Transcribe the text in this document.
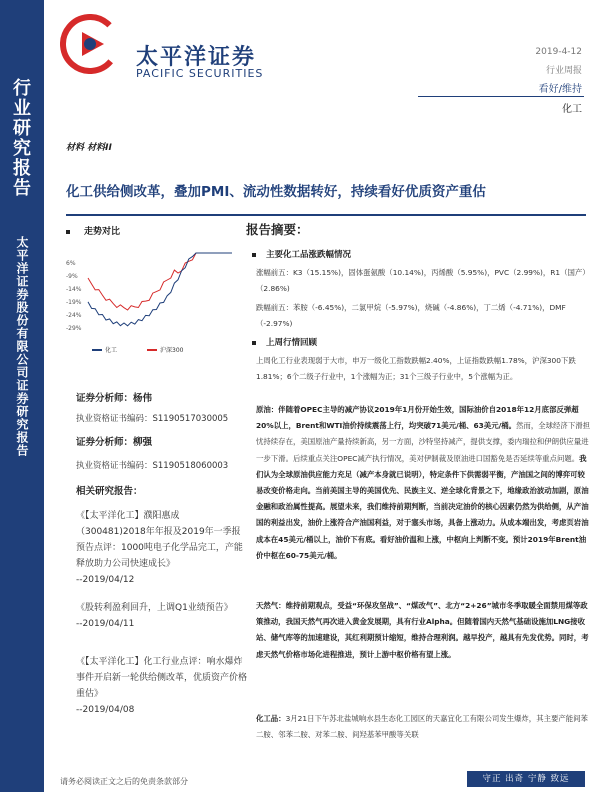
行业研究报告
太平洋证券股份有限公司证券研究报告
太平洋证券
PACIFIC SECURITIES
2019-4-12
行业周报
看好/维持
化工
材料 材料II
化工供给侧改革，叠加PMI、流动性数据转好，持续看好优质资产重估
走势对比
6%
-9%
-14%
-19%
-24%
-29%
化工	沪深300
证券分析师：杨伟
执业资格证书编码：S1190517030005
证券分析师：柳强
执业资格证书编码：S1190518060003
相关研究报告：
《【太平洋化工】濮阳惠成（300481)2018年年报及2019年一季报预告点评：1000吨电子化学品完工，产能释放助力公司快速成长》
--2019/04/12
《股转利盈利回升，上调Q1业绩预告》
--2019/04/11
《【太平洋化工】化工行业点评：响水爆炸事件开启新一轮供给侧改革，优质资产价格重估》
--2019/04/08
报告摘要：
主要化工品涨跌幅情况
涨幅前五：K3（15.15%)，固体蛋氨酸（10.14%)，丙烯酸（5.95%)，PVC（2.99%)，R1（国产）（2.86%)
跌幅前五：苯胺（-6.45%)，二氯甲烷（-5.97%)，烧碱（-4.86%)，丁二烯（-4.71%)，DMF（-2.97%)
上周行情回顾
上周化工行业表现弱于大市，申万一级化工指数跌幅2.40%，上证指数跌幅1.78%，沪深300下跌1.81%；6个二级子行业中，1个涨幅为正；31个三级子行业中，5个涨幅为正。
原油：伴随着OPEC主导的减产协议2019年1月份开始生效，国际油价自2018年12月底部反弹超20%以上，Brent和WTI油价持续震荡上行，均突破71美元/桶、63美元/桶。然而，全球经济下滑担忧持续存在，美国原油产量持续新高，另一方面，沙特坚持减产，提供支撑，委内瑞拉和伊朗供应量进一步下滑。后续重点关注OPEC减产执行情况，美对伊制裁及原油进口国豁免是否延续等重点问题。我们认为全球原油供应能力充足（减产本身就已说明），特定条件下供需弱平衡，产油国之间的博弈可较易改变价格走向。当前美国主导的美国优先、民族主义、逆全球化背景之下，地缘政治波动加剧，原油金融和政治属性提高。展望未来，我们维持前期判断，当前决定油价的核心因素仍然为供给侧，从产油国的利益出发，油价上涨符合产油国利益，对于塞头市场，具备上涨动力。从成本端出发，考虑页岩油成本在45美元/桶以上，油价下有底。看好油价温和上涨，中枢向上判断不变。预计2019年Brent油价中枢在60-75美元/桶。
天然气：维持前期观点，受益“环保攻坚战”、“煤改气”、北方“2+26”城市冬季取暖全面禁用煤等政策推动，我国天然气再次进入黄金发展期，具有行业Alpha。但随着国内天然气基础设施加LNG接收站、储气库等的加速建设，其红利期预计缩短，维持合理利润。越早投产，越具有先发优势。同时，考虑天然气价格市场化进程推进，预计上游中枢价格有望上涨。
化工品：3月21日下午苏北盐城响水县生态化工园区的天嘉宜化工有限公司发生爆炸，其主要产能间苯二胺、邻苯二胺、对苯二胺、间羟基苯甲酸等关联
请务必阅读正文之后的免责条款部分	守正 出奇 宁静 致远
